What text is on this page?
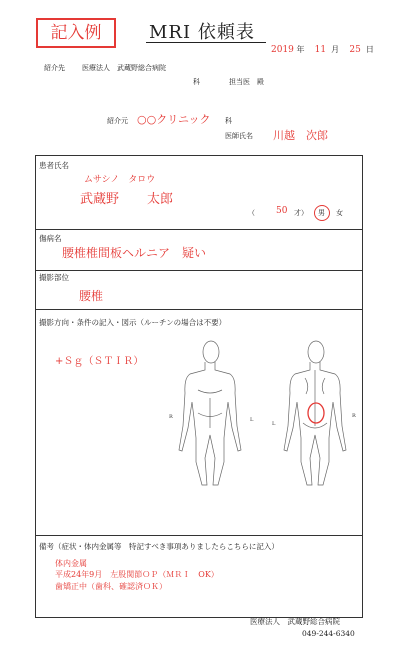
記入例	MRI 依頼表
2019 年 11 月 25 日
紹介先 医療法人　武蔵野総合病院
科	担当医　殿
紹介元 ○○クリニック 科
医師氏名 川越　次郎
患者氏名
ムサシノ　タロウ
武蔵野 太郎
（ 50 才） 男 女
傷病名
腰椎椎間板ヘルニア　疑い
撮影部位
腰椎
撮影方向・条件の記入・図示（ルーチンの場合は不要）
+Ｓｇ（ＳＴＩＲ）
R	L
L
R
備考（症状・体内金属等　特記すべき事項ありましたらこちらに記入）
体内金属
平成24年9月　左股関節ＯＰ（ＭＲＩ　OK）
歯矯正中（歯科、確認済ＯＫ）
医療法人　武蔵野総合病院
049-244-6340
